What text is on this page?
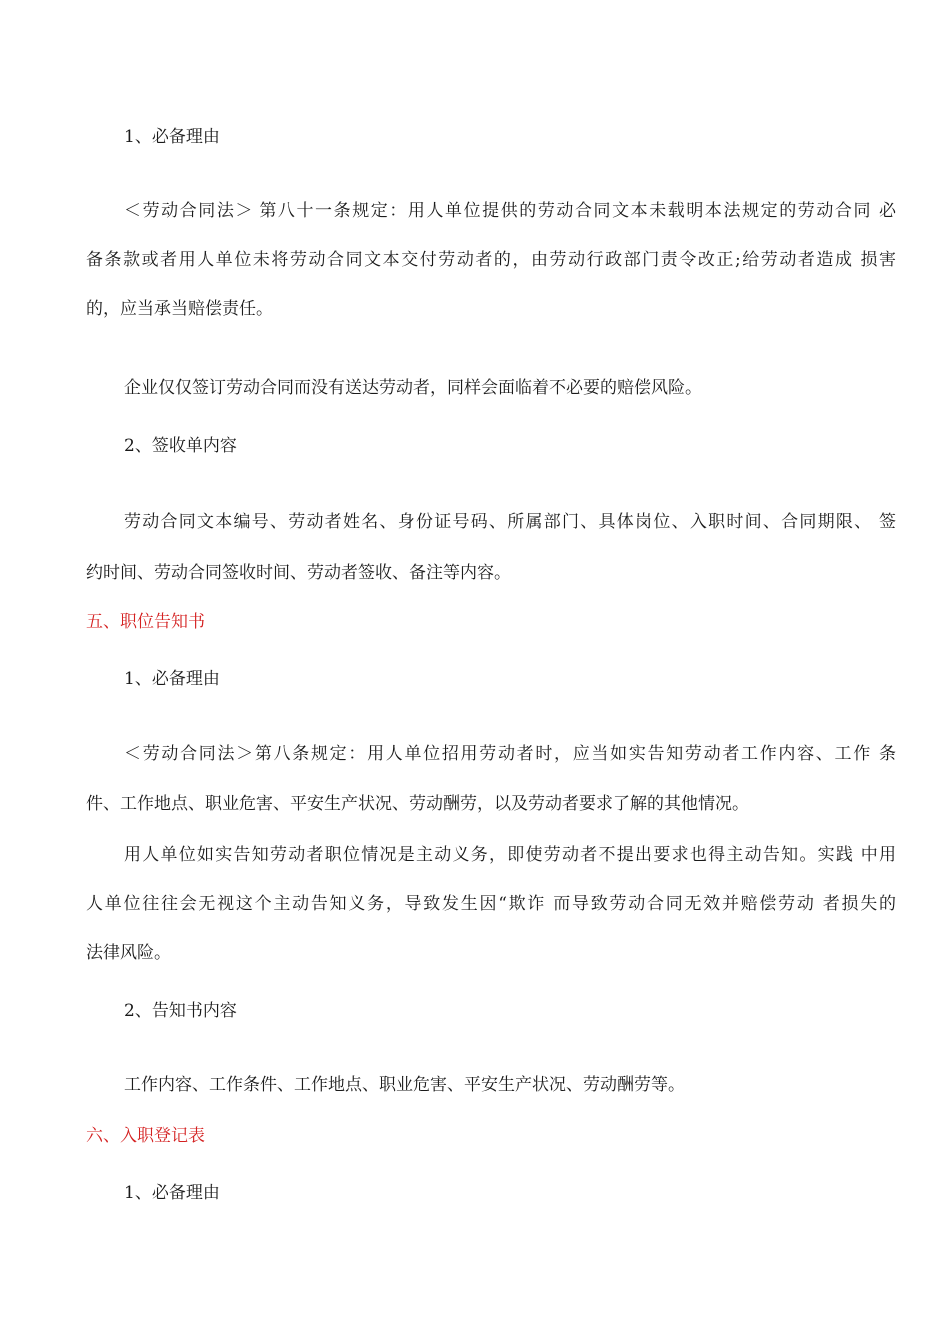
1、必备理由
＜劳动合同法＞ 第八十一条规定：用人单位提供的劳动合同文本未载明本法规定的劳动合同 必
备条款或者用人单位未将劳动合同文本交付劳动者的，由劳动行政部门责令改正;给劳动者造成 损害
的，应当承当赔偿责任。
企业仅仅签订劳动合同而没有送达劳动者，同样会面临着不必要的赔偿风险。
2、签收单内容
劳动合同文本编号、劳动者姓名、身份证号码、所属部门、具体岗位、入职时间、合同期限、 签
约时间、劳动合同签收时间、劳动者签收、备注等内容。
五、职位告知书
1、必备理由
＜劳动合同法＞第八条规定：用人单位招用劳动者时，应当如实告知劳动者工作内容、工作 条
件、工作地点、职业危害、平安生产状况、劳动酬劳，以及劳动者要求了解的其他情况。
用人单位如实告知劳动者职位情况是主动义务，即使劳动者不提出要求也得主动告知。实践 中用
人单位往往会无视这个主动告知义务，导致发生因“欺诈 而导致劳动合同无效并赔偿劳动 者损失的
法律风险。
2、告知书内容
工作内容、工作条件、工作地点、职业危害、平安生产状况、劳动酬劳等。
六、入职登记表
1、必备理由
